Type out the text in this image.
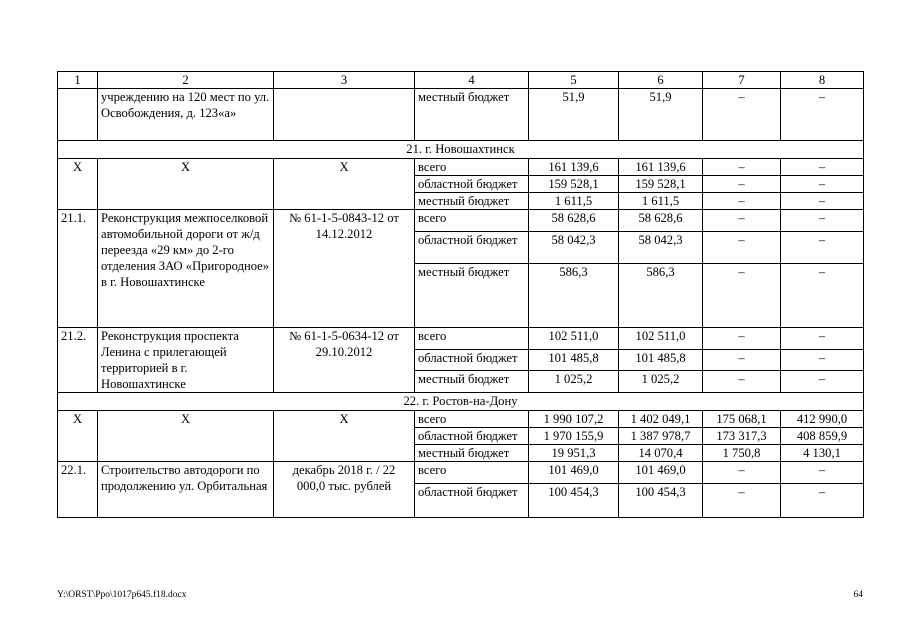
1	2	3	4	5	6	7	8
	учреждению на 120 мест по ул. Освобождения, д. 123«а»		местный бюджет	51,9	51,9	–	–
21. г. Новошахтинск							
Х	Х	Х	всего	161 139,6	161 139,6	–	–
			областной бюджет	159 528,1	159 528,1	–	–
			местный бюджет	1 611,5	1 611,5	–	–
21.1.	Реконструкция межпоселковой автомобильной дороги от ж/д переезда «29 км» до 2-го отделения ЗАО «Пригородное» в г. Новошахтинске	№ 61-1-5-0843-12 от 14.12.2012	всего	58 628,6	58 628,6	–	–
			областной бюджет	58 042,3	58 042,3	–	–
			местный бюджет	586,3	586,3	–	–
21.2.	Реконструкция проспекта Ленина с прилегающей территорией в г. Новошахтинске	№ 61-1-5-0634-12 от 29.10.2012	всего	102 511,0	102 511,0	–	–
			областной бюджет	101 485,8	101 485,8	–	–
			местный бюджет	1 025,2	1 025,2	–	–
22. г. Ростов-на-Дону							
Х	Х	Х	всего	1 990 107,2	1 402 049,1	175 068,1	412 990,0
			областной бюджет	1 970 155,9	1 387 978,7	173 317,3	408 859,9
			местный бюджет	19 951,3	14 070,4	1 750,8	4 130,1
22.1.	Строительство автодороги по продолжению ул. Орбитальная	декабрь 2018 г. / 22 000,0 тыс. рублей	всего	101 469,0	101 469,0	–	–
			областной бюджет	100 454,3	100 454,3	–	–
Y:\ORST\Ppo\1017p645.f18.docx	64
